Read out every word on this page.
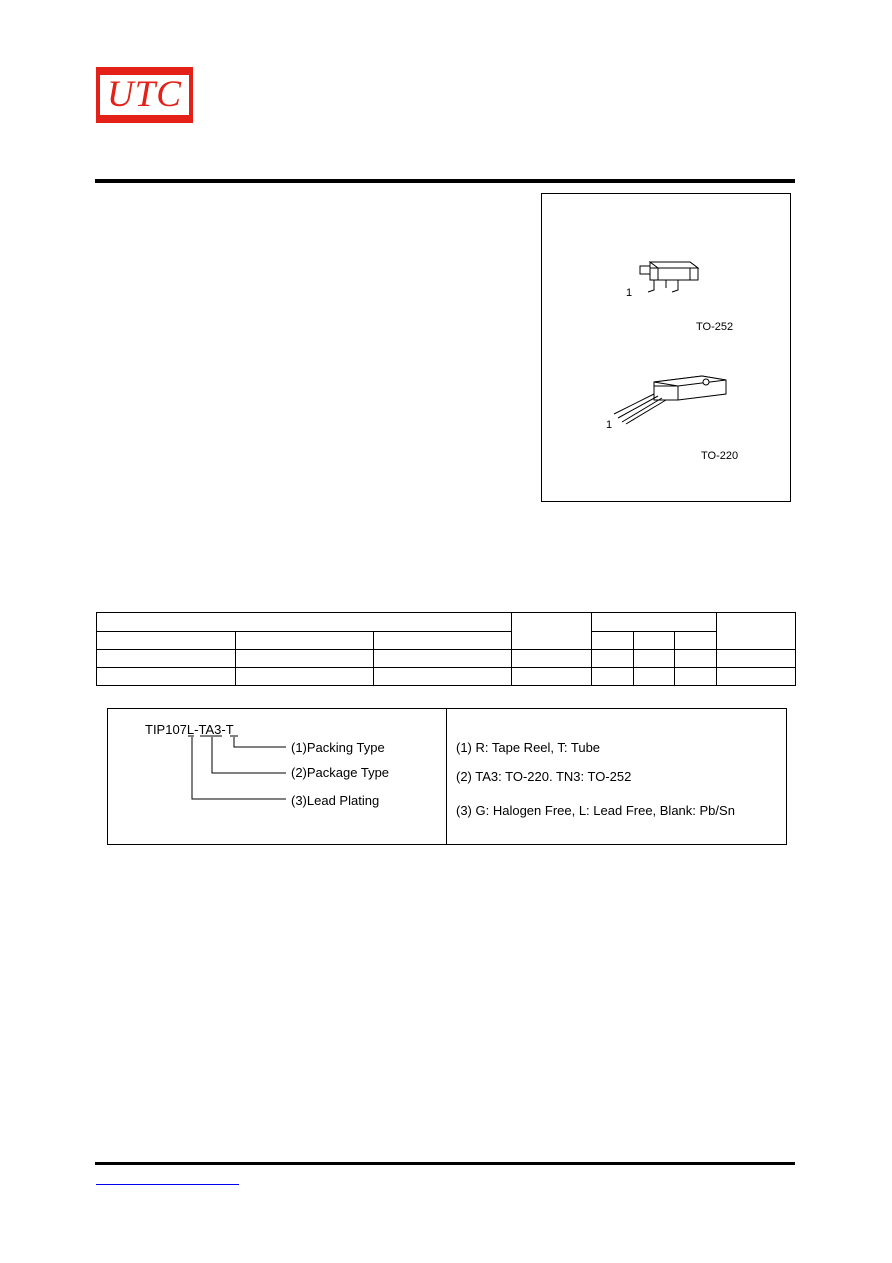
UTC
1
1
TO-252
TO-220

TIP107L-TA3-T
(1)Packing Type
(2)Package Type
(3)Lead Plating
(1) R: Tape Reel, T: Tube
(2) TA3: TO-220. TN3: TO-252
(3) G: Halogen Free, L: Lead Free, Blank: Pb/Sn
